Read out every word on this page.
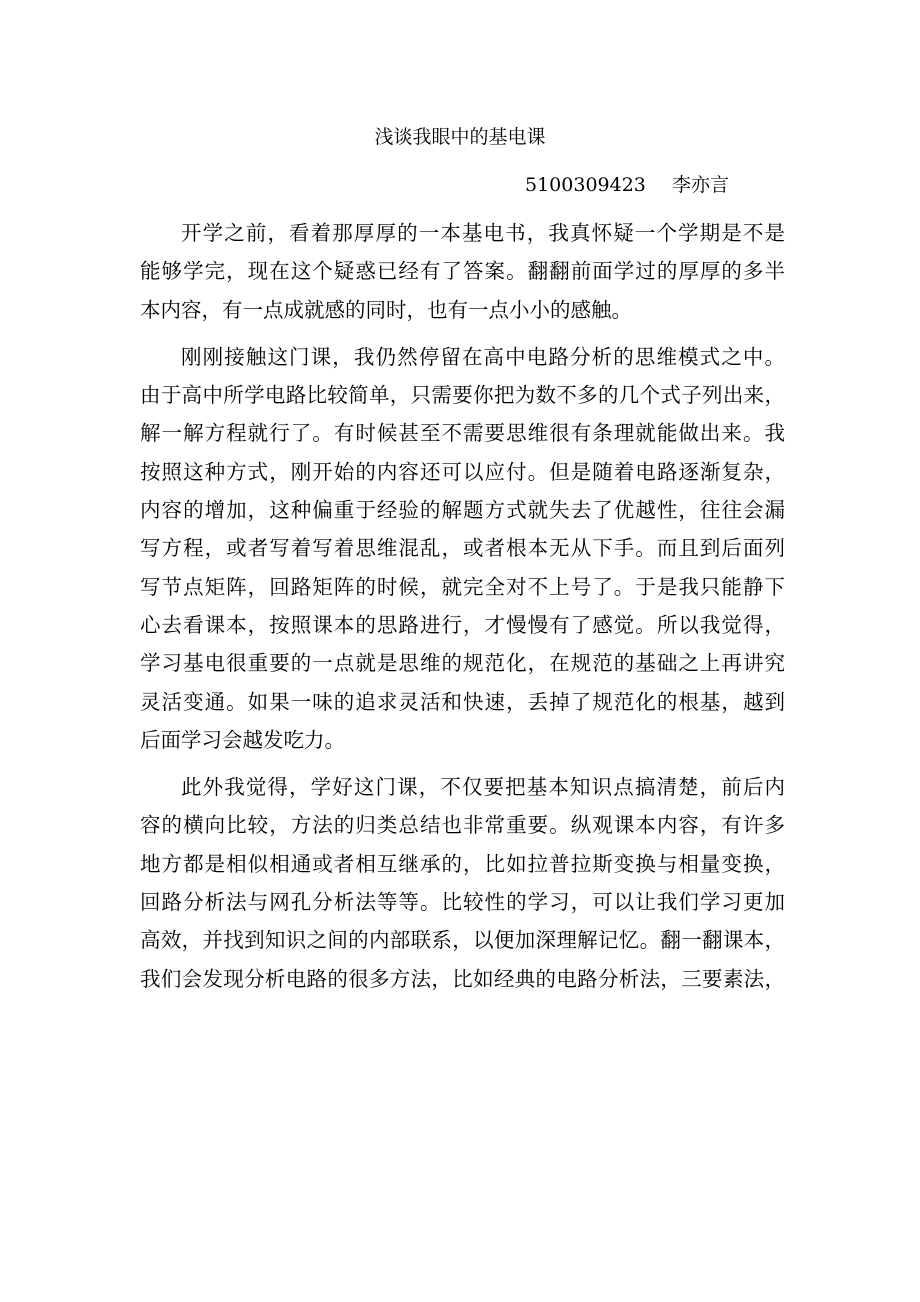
浅谈我眼中的基电课
5100309423 李亦言
开学之前，看着那厚厚的一本基电书，我真怀疑一个学期是不是
能够学完，现在这个疑惑已经有了答案。翻翻前面学过的厚厚的多半
本内容，有一点成就感的同时，也有一点小小的感触。
刚刚接触这门课，我仍然停留在高中电路分析的思维模式之中。
由于高中所学电路比较简单，只需要你把为数不多的几个式子列出来，
解一解方程就行了。有时候甚至不需要思维很有条理就能做出来。我
按照这种方式，刚开始的内容还可以应付。但是随着电路逐渐复杂，
内容的增加，这种偏重于经验的解题方式就失去了优越性，往往会漏
写方程，或者写着写着思维混乱，或者根本无从下手。而且到后面列
写节点矩阵，回路矩阵的时候，就完全对不上号了。于是我只能静下
心去看课本，按照课本的思路进行，才慢慢有了感觉。所以我觉得，
学习基电很重要的一点就是思维的规范化，在规范的基础之上再讲究
灵活变通。如果一味的追求灵活和快速，丢掉了规范化的根基，越到
后面学习会越发吃力。
此外我觉得，学好这门课，不仅要把基本知识点搞清楚，前后内
容的横向比较，方法的归类总结也非常重要。纵观课本内容，有许多
地方都是相似相通或者相互继承的，比如拉普拉斯变换与相量变换，
回路分析法与网孔分析法等等。比较性的学习，可以让我们学习更加
高效，并找到知识之间的内部联系，以便加深理解记忆。翻一翻课本，
我们会发现分析电路的很多方法，比如经典的电路分析法，三要素法，
